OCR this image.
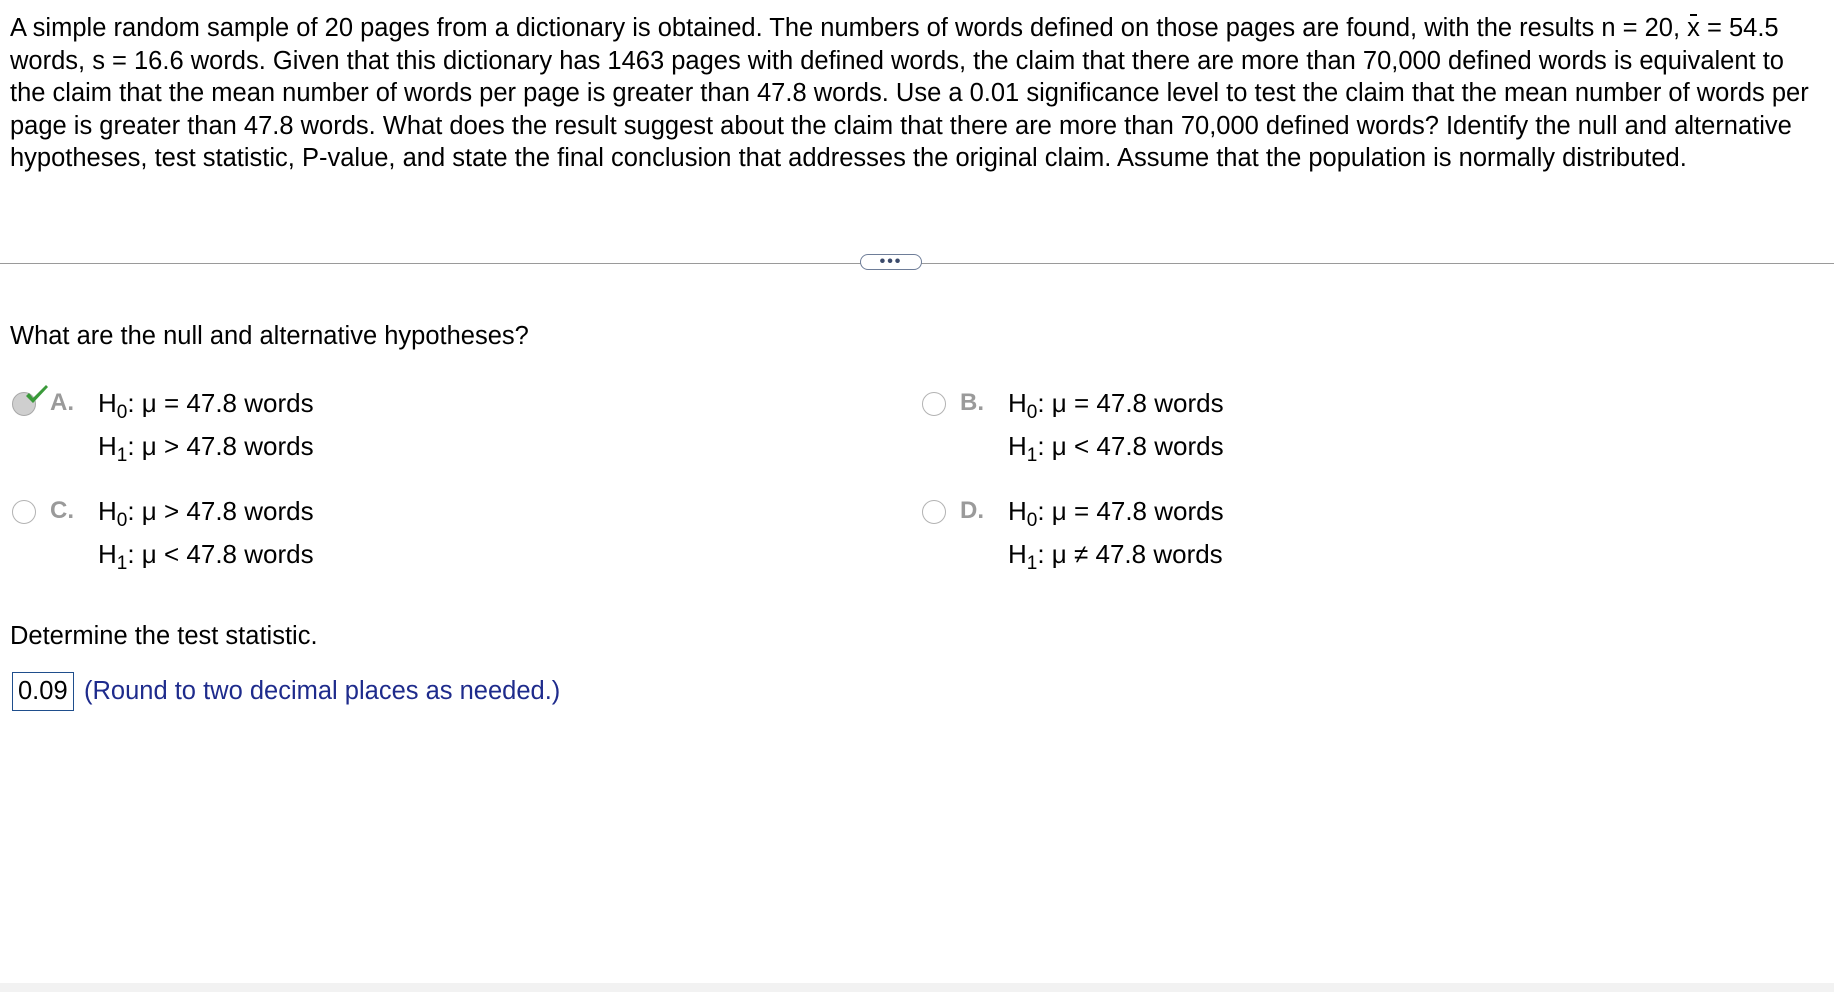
A simple random sample of 20 pages from a dictionary is obtained. The numbers of words defined on those pages are found, with the results n = 20, x = 54.5 words, s = 16.6 words. Given that this dictionary has 1463 pages with defined words, the claim that there are more than 70,000 defined words is equivalent to the claim that the mean number of words per page is greater than 47.8 words. Use a 0.01 significance level to test the claim that the mean number of words per page is greater than 47.8 words. What does the result suggest about the claim that there are more than 70,000 defined words? Identify the null and alternative hypotheses, test statistic, P-value, and state the final conclusion that addresses the original claim. Assume that the population is normally distributed.

•••

What are the null and alternative hypotheses?

A. $H_0$: μ = 47.8 words
$H_1$: μ > 47.8 words
B. $H_0$: μ = 47.8 words
$H_1$: μ < 47.8 words
C. $H_0$: μ > 47.8 words
$H_1$: μ < 47.8 words
D. $H_0$: μ = 47.8 words
$H_1$: μ ≠ 47.8 words

Determine the test statistic.

0.09 (Round to two decimal places as needed.)
